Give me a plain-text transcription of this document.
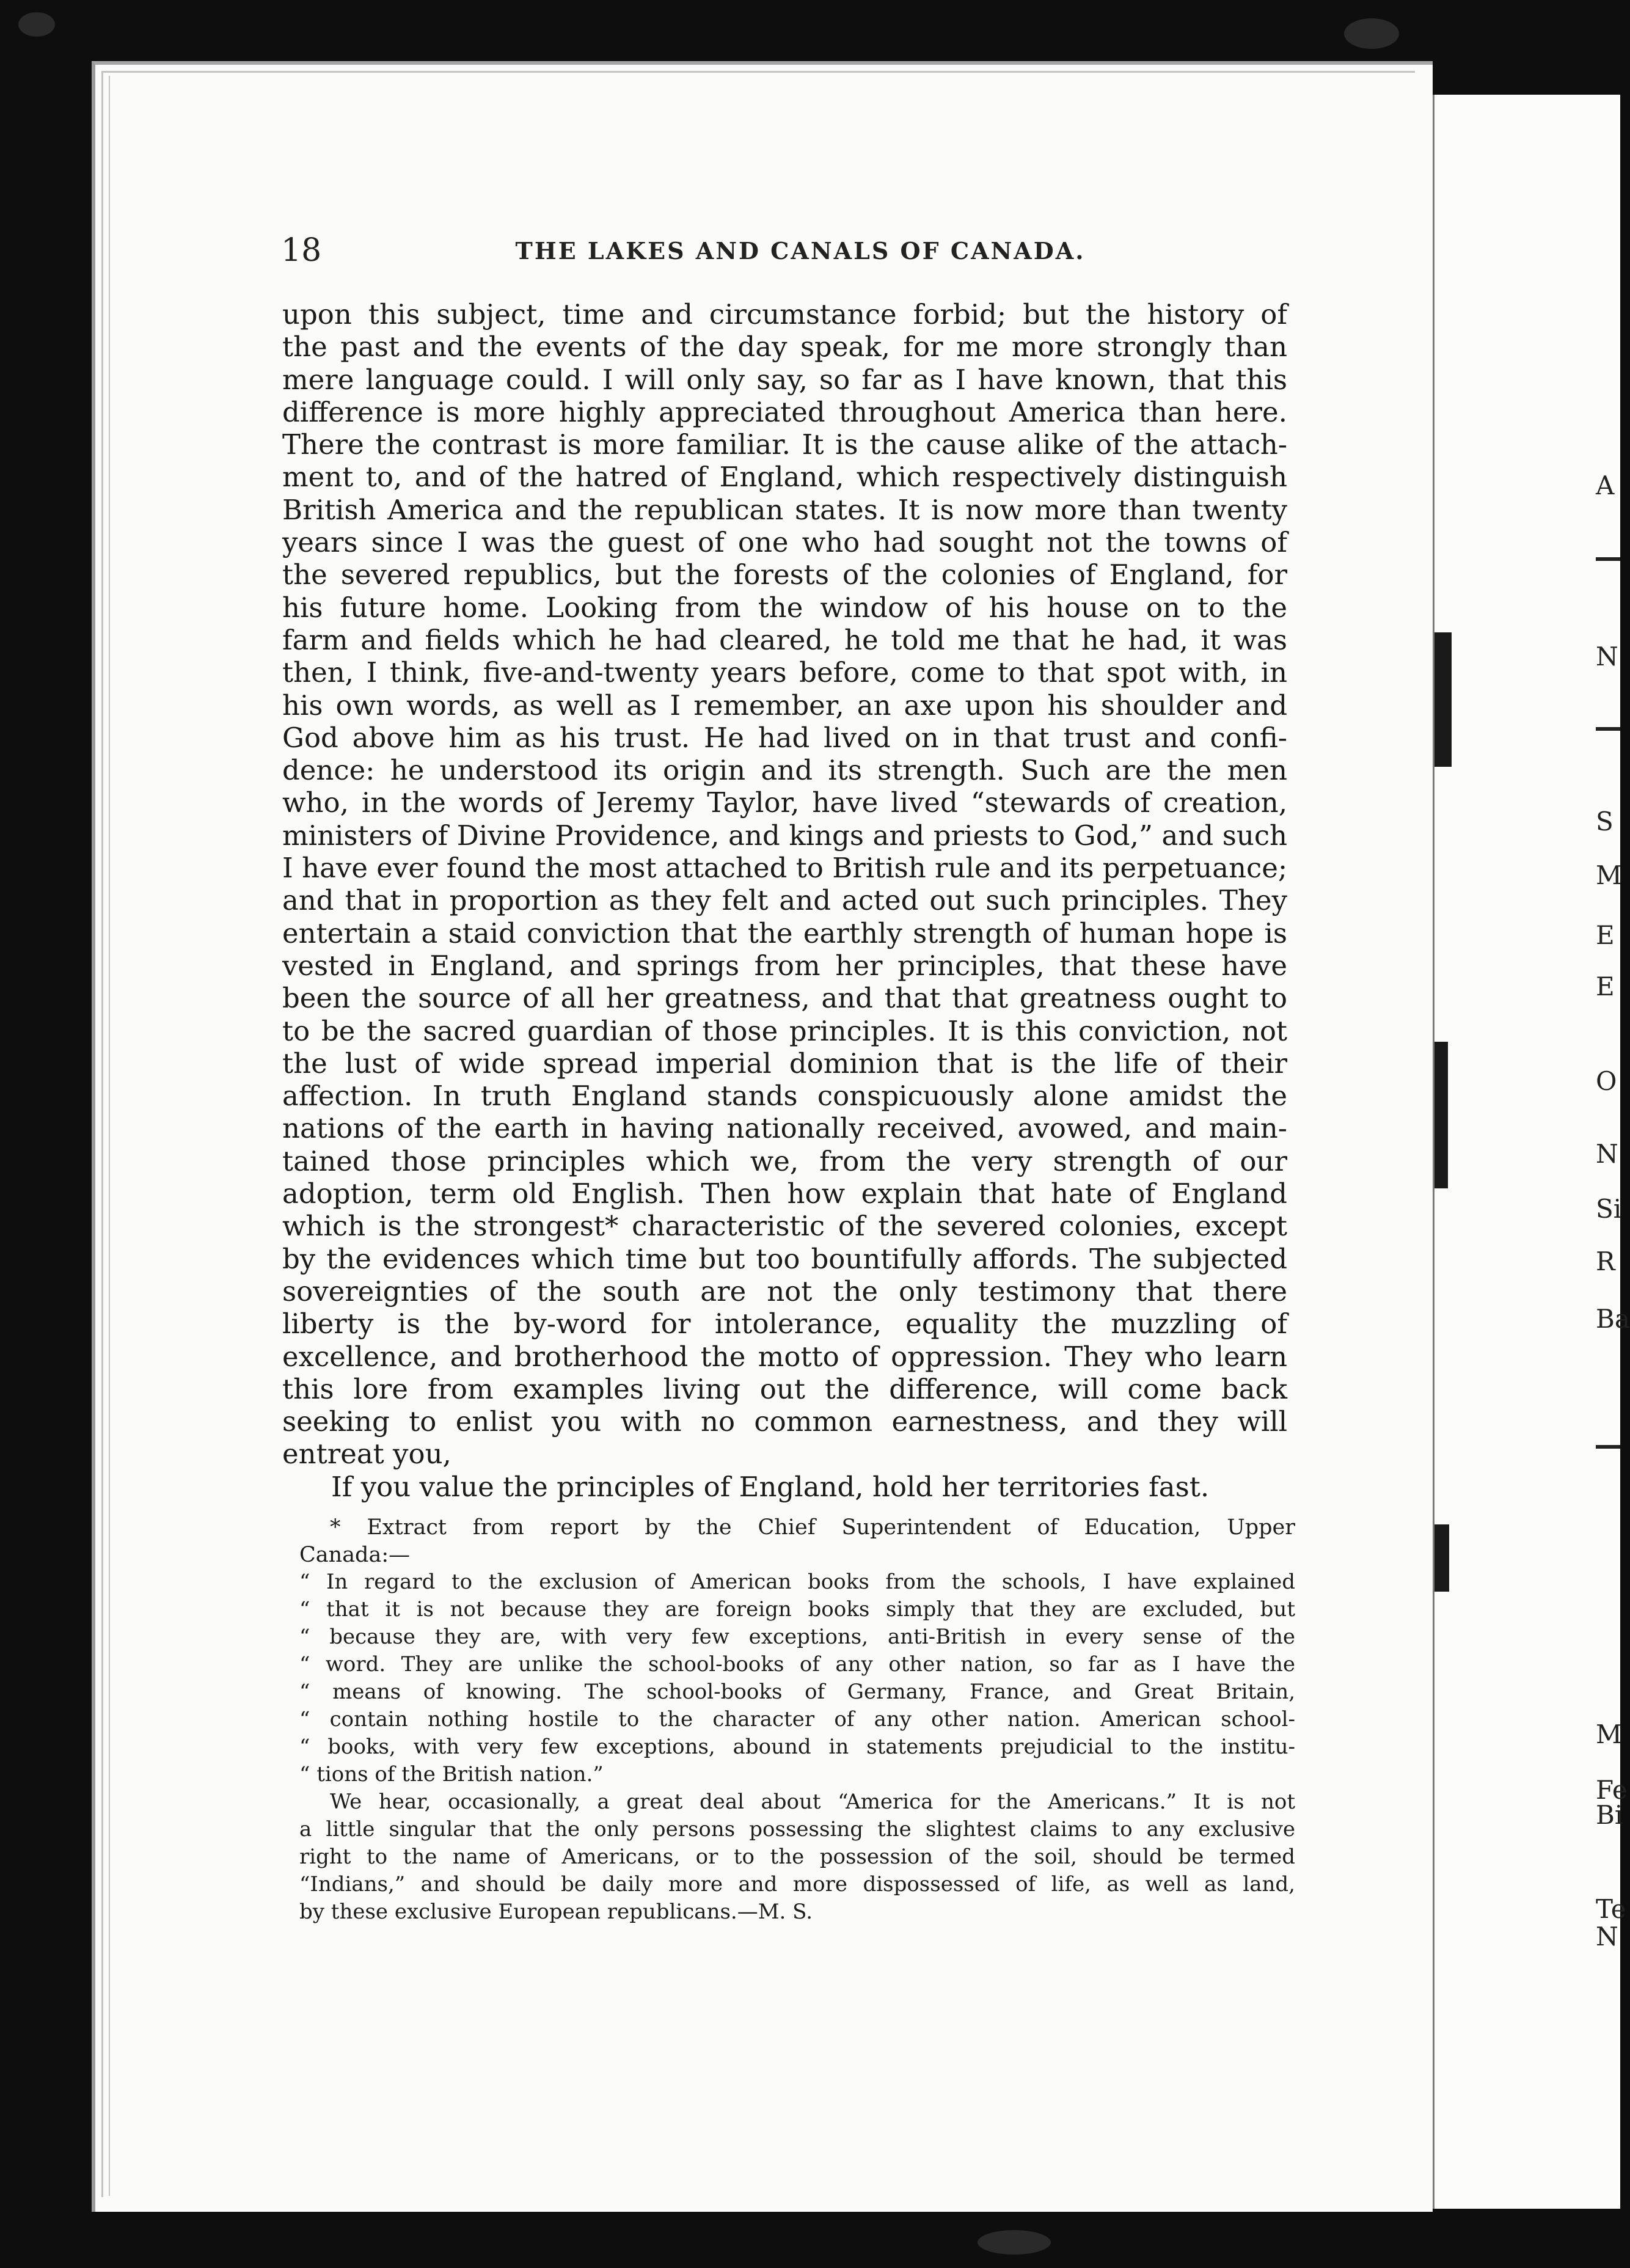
A
N
S
M
E
E
O
N
Si
R
Ba
M
Fe
Bi
Te
N
18	THE LAKES AND CANALS OF CANADA.
upon this subject, time and circumstance forbid; but the history of
the past and the events of the day speak, for me more strongly than
mere language could. I will only say, so far as I have known, that this
difference is more highly appreciated throughout America than here.
There the contrast is more familiar. It is the cause alike of the attach-
ment to, and of the hatred of England, which respectively distinguish
British America and the republican states. It is now more than twenty
years since I was the guest of one who had sought not the towns of
the severed republics, but the forests of the colonies of England, for
his future home. Looking from the window of his house on to the
farm and fields which he had cleared, he told me that he had, it was
then, I think, five-and-twenty years before, come to that spot with, in
his own words, as well as I remember, an axe upon his shoulder and
God above him as his trust. He had lived on in that trust and confi-
dence: he understood its origin and its strength. Such are the men
who, in the words of Jeremy Taylor, have lived “stewards of creation,
ministers of Divine Providence, and kings and priests to God,” and such
I have ever found the most attached to British rule and its perpetuance;
and that in proportion as they felt and acted out such principles. They
entertain a staid conviction that the earthly strength of human hope is
vested in England, and springs from her principles, that these have
been the source of all her greatness, and that that greatness ought to
to be the sacred guardian of those principles. It is this conviction, not
the lust of wide spread imperial dominion that is the life of their
affection. In truth England stands conspicuously alone amidst the
nations of the earth in having nationally received, avowed, and main-
tained those principles which we, from the very strength of our
adoption, term old English. Then how explain that hate of England
which is the strongest* characteristic of the severed colonies, except
by the evidences which time but too bountifully affords. The subjected
sovereignties of the south are not the only testimony that there
liberty is the by-word for intolerance, equality the muzzling of
excellence, and brotherhood the motto of oppression. They who learn
this lore from examples living out the difference, will come back
seeking to enlist you with no common earnestness, and they will
entreat you,
If you value the principles of England, hold her territories fast.
* Extract from report by the Chief Superintendent of Education, Upper
Canada:—
“ In regard to the exclusion of American books from the schools, I have explained
“ that it is not because they are foreign books simply that they are excluded, but
“ because they are, with very few exceptions, anti-British in every sense of the
“ word. They are unlike the school-books of any other nation, so far as I have the
“ means of knowing. The school-books of Germany, France, and Great Britain,
“ contain nothing hostile to the character of any other nation. American school-
“ books, with very few exceptions, abound in statements prejudicial to the institu-
“ tions of the British nation.”
We hear, occasionally, a great deal about “America for the Americans.” It is not
a little singular that the only persons possessing the slightest claims to any exclusive
right to the name of Americans, or to the possession of the soil, should be termed
“Indians,” and should be daily more and more dispossessed of life, as well as land,
by these exclusive European republicans.—M. S.
